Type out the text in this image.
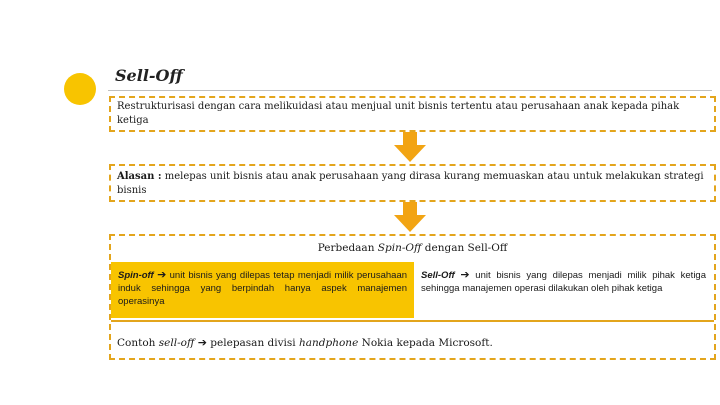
Sell-Off
Restrukturisasi dengan cara melikuidasi atau menjual unit bisnis tertentu atau perusahaan anak kepada pihak ketiga
Alasan : melepas unit bisnis atau anak perusahaan yang dirasa kurang memuaskan atau untuk melakukan strategi bisnis
Perbedaan Spin-Off dengan Sell-Off
Spin-off ➔ unit bisnis yang dilepas tetap menjadi milik perusahaan induk sehingga yang berpindah hanya aspek manajemen operasinya
Sell-Off ➔ unit bisnis yang dilepas menjadi milik pihak ketiga sehingga manajemen operasi dilakukan oleh pihak ketiga
Contoh sell-off ➔ pelepasan divisi handphone Nokia kepada Microsoft.
